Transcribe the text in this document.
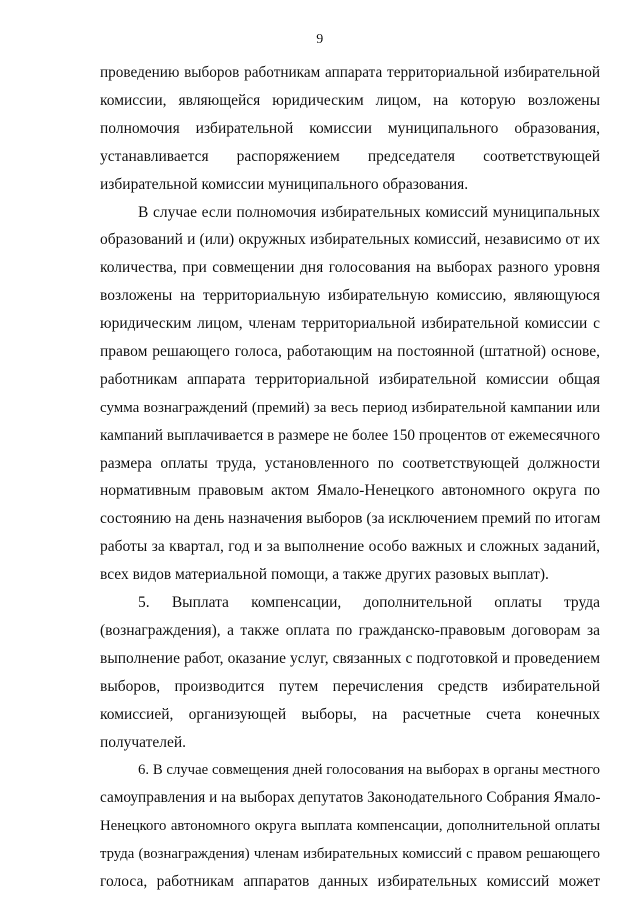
9
проведению выборов работникам аппарата территориальной избирательной
комиссии, являющейся юридическим лицом, на которую возложены
полномочия избирательной комиссии муниципального образования,
устанавливается распоряжением председателя соответствующей
избирательной комиссии муниципального образования.
В случае если полномочия избирательных комиссий муниципальных
образований и (или) окружных избирательных комиссий, независимо от их
количества, при совмещении дня голосования на выборах разного уровня
возложены на территориальную избирательную комиссию, являющуюся
юридическим лицом, членам территориальной избирательной комиссии с
правом решающего голоса, работающим на постоянной (штатной) основе,
работникам аппарата территориальной избирательной комиссии общая
сумма вознаграждений (премий) за весь период избирательной кампании или
кампаний выплачивается в размере не более 150 процентов от ежемесячного
размера оплаты труда, установленного по соответствующей должности
нормативным правовым актом Ямало-Ненецкого автономного округа по
состоянию на день назначения выборов (за исключением премий по итогам
работы за квартал, год и за выполнение особо важных и сложных заданий,
всех видов материальной помощи, а также других разовых выплат).
5. Выплата компенсации, дополнительной оплаты труда
(вознаграждения), а также оплата по гражданско-правовым договорам за
выполнение работ, оказание услуг, связанных с подготовкой и проведением
выборов, производится путем перечисления средств избирательной
комиссией, организующей выборы, на расчетные счета конечных
получателей.
6. В случае совмещения дней голосования на выборах в органы местного
самоуправления и на выборах депутатов Законодательного Собрания Ямало-
Ненецкого автономного округа выплата компенсации, дополнительной оплаты
труда (вознаграждения) членам избирательных комиссий с правом решающего
голоса, работникам аппаратов данных избирательных комиссий может
